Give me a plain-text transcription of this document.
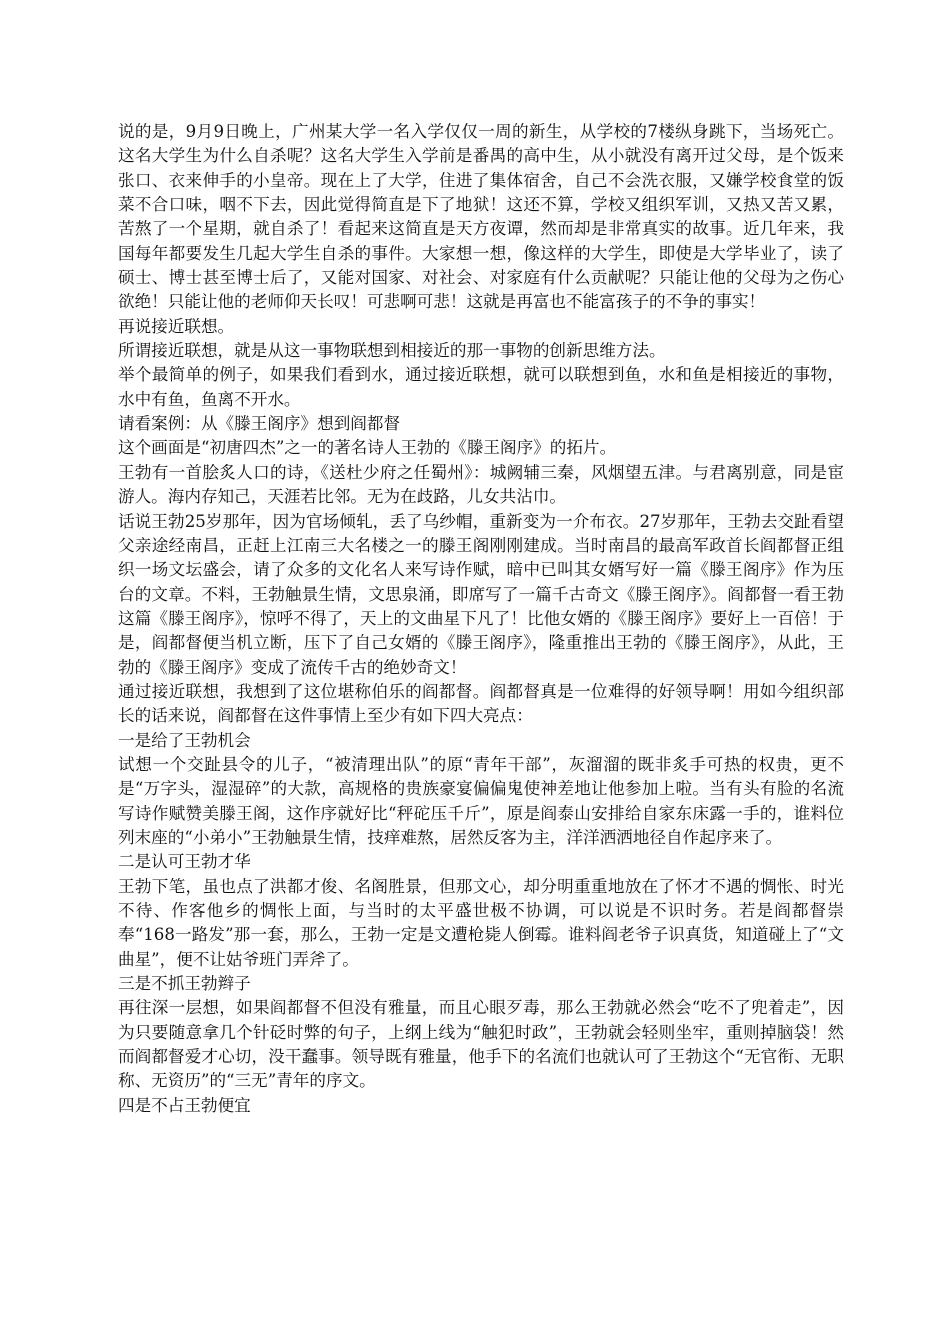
说的是，9月9日晚上，广州某大学一名入学仅仅一周的新生，从学校的7楼纵身跳下，当场死亡。这名大学生为什么自杀呢？这名大学生入学前是番禺的高中生，从小就没有离开过父母，是个饭来张口、衣来伸手的小皇帝。现在上了大学，住进了集体宿舍，自己不会洗衣服，又嫌学校食堂的饭菜不合口味，咽不下去，因此觉得简直是下了地狱！这还不算，学校又组织军训，又热又苦又累，苦熬了一个星期，就自杀了！看起来这简直是天方夜谭，然而却是非常真实的故事。近几年来，我国每年都要发生几起大学生自杀的事件。大家想一想，像这样的大学生，即使是大学毕业了，读了硕士、博士甚至博士后了，又能对国家、对社会、对家庭有什么贡献呢？只能让他的父母为之伤心欲绝！只能让他的老师仰天长叹！可悲啊可悲！这就是再富也不能富孩子的不争的事实！

再说接近联想。

所谓接近联想，就是从这一事物联想到相接近的那一事物的创新思维方法。

举个最简单的例子，如果我们看到水，通过接近联想，就可以联想到鱼，水和鱼是相接近的事物，水中有鱼，鱼离不开水。

请看案例：从《滕王阁序》想到阎都督

这个画面是“初唐四杰”之一的著名诗人王勃的《滕王阁序》的拓片。

王勃有一首脍炙人口的诗，《送杜少府之任蜀州》：城阙辅三秦，风烟望五津。与君离别意，同是宦游人。海内存知己，天涯若比邻。无为在歧路，儿女共沾巾。

话说王勃25岁那年，因为官场倾轧，丢了乌纱帽，重新变为一介布衣。27岁那年，王勃去交趾看望父亲途经南昌，正赶上江南三大名楼之一的滕王阁刚刚建成。当时南昌的最高军政首长阎都督正组织一场文坛盛会，请了众多的文化名人来写诗作赋，暗中已叫其女婿写好一篇《滕王阁序》作为压台的文章。不料，王勃触景生情，文思泉涌，即席写了一篇千古奇文《滕王阁序》。阎都督一看王勃这篇《滕王阁序》，惊呼不得了，天上的文曲星下凡了！比他女婿的《滕王阁序》要好上一百倍！于是，阎都督便当机立断，压下了自己女婿的《滕王阁序》，隆重推出王勃的《滕王阁序》，从此，王勃的《滕王阁序》变成了流传千古的绝妙奇文！

通过接近联想，我想到了这位堪称伯乐的阎都督。阎都督真是一位难得的好领导啊！用如今组织部长的话来说，阎都督在这件事情上至少有如下四大亮点：

一是给了王勃机会

试想一个交趾县令的儿子，“被清理出队”的原“青年干部”，灰溜溜的既非炙手可热的权贵，更不是“万字头，湿湿碎”的大款，高规格的贵族豪宴偏偏鬼使神差地让他参加上啦。当有头有脸的名流写诗作赋赞美滕王阁，这作序就好比“秤砣压千斤”，原是阎泰山安排给自家东床露一手的，谁料位列末座的“小弟小”王勃触景生情，技痒难熬，居然反客为主，洋洋洒洒地径自作起序来了。

二是认可王勃才华

王勃下笔，虽也点了洪都才俊、名阁胜景，但那文心，却分明重重地放在了怀才不遇的惆怅、时光不待、作客他乡的惆怅上面，与当时的太平盛世极不协调，可以说是不识时务。若是阎都督崇奉“168一路发”那一套，那么，王勃一定是文遭枪毙人倒霉。谁料阎老爷子识真货，知道碰上了“文曲星”，便不让姑爷班门弄斧了。

三是不抓王勃辫子

再往深一层想，如果阎都督不但没有雅量，而且心眼歹毒，那么王勃就必然会“吃不了兜着走”，因为只要随意拿几个针砭时弊的句子，上纲上线为“触犯时政”，王勃就会轻则坐牢，重则掉脑袋！然而阎都督爱才心切，没干蠢事。领导既有雅量，他手下的名流们也就认可了王勃这个“无官衔、无职称、无资历”的“三无”青年的序文。

四是不占王勃便宜
